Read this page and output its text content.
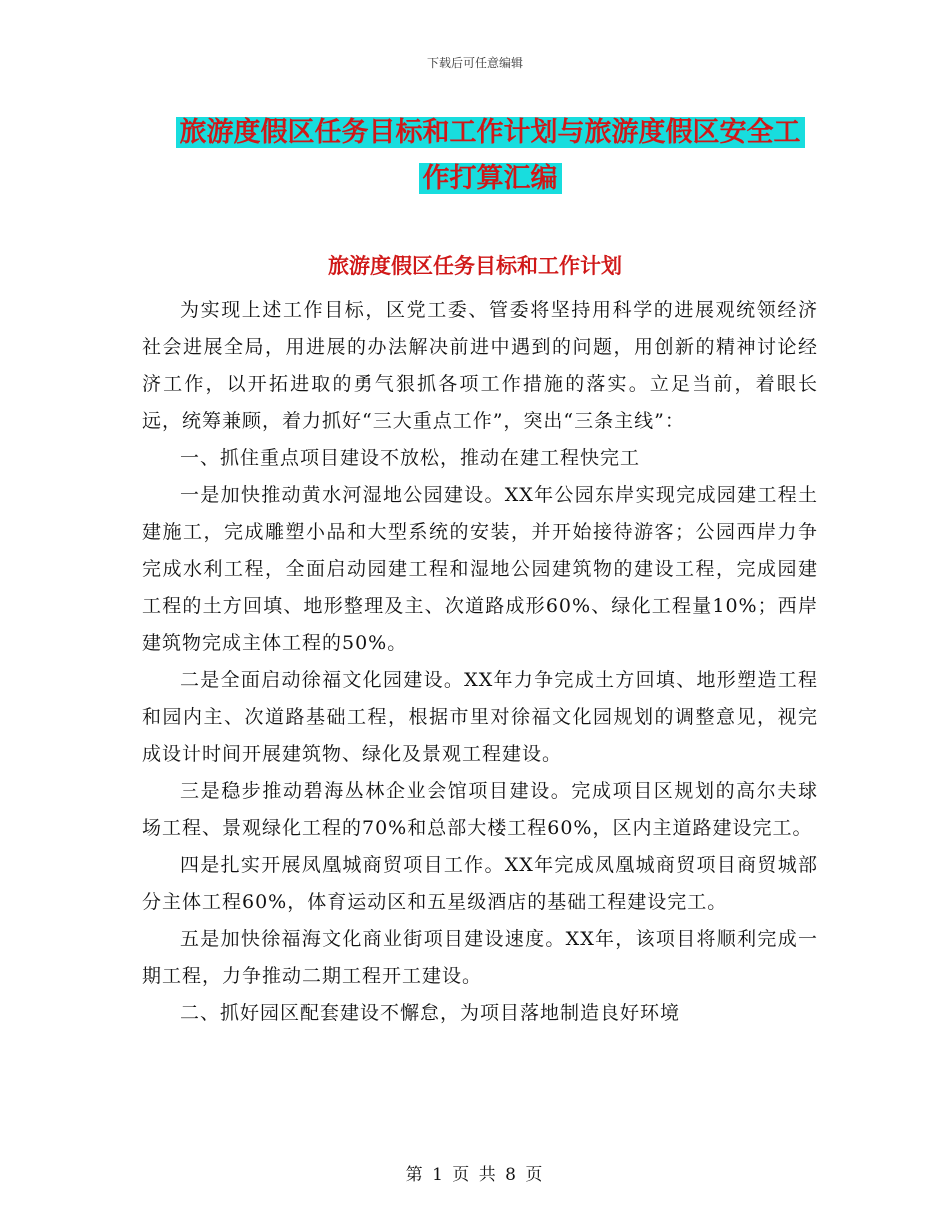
下载后可任意编辑
旅游度假区任务目标和工作计划与旅游度假区安全工
作打算汇编
旅游度假区任务目标和工作计划

为实现上述工作目标，区党工委、管委将坚持用科学的进展观统领经济社会进展全局，用进展的办法解决前进中遇到的问题，用创新的精神讨论经济工作，以开拓进取的勇气狠抓各项工作措施的落实。立足当前，着眼长远，统筹兼顾，着力抓好“三大重点工作”，突出“三条主线”：

一、抓住重点项目建设不放松，推动在建工程快完工

一是加快推动黄水河湿地公园建设。XX年公园东岸实现完成园建工程土建施工，完成雕塑小品和大型系统的安装，并开始接待游客；公园西岸力争完成水利工程，全面启动园建工程和湿地公园建筑物的建设工程，完成园建工程的土方回填、地形整理及主、次道路成形60%、绿化工程量10%；西岸建筑物完成主体工程的50%。

二是全面启动徐福文化园建设。XX年力争完成土方回填、地形塑造工程和园内主、次道路基础工程，根据市里对徐福文化园规划的调整意见，视完成设计时间开展建筑物、绿化及景观工程建设。

三是稳步推动碧海丛林企业会馆项目建设。完成项目区规划的高尔夫球场工程、景观绿化工程的70%和总部大楼工程60%，区内主道路建设完工。

四是扎实开展凤凰城商贸项目工作。XX年完成凤凰城商贸项目商贸城部分主体工程60%，体育运动区和五星级酒店的基础工程建设完工。

五是加快徐福海文化商业街项目建设速度。XX年，该项目将顺利完成一期工程，力争推动二期工程开工建设。

二、抓好园区配套建设不懈怠，为项目落地制造良好环境

第 1 页 共 8 页
